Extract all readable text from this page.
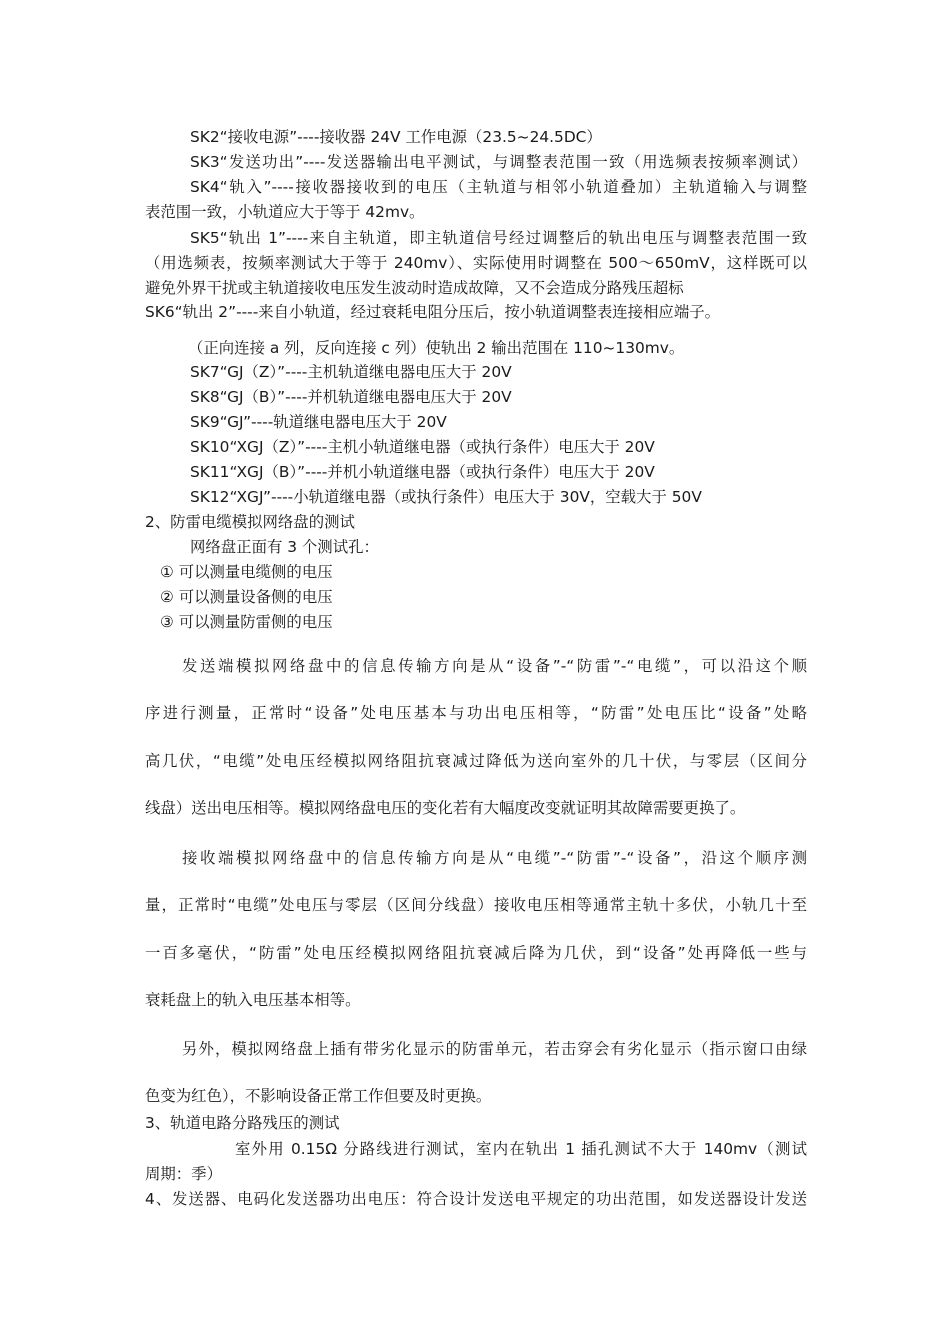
SK2“接收电源”----接收器 24V 工作电源（23.5~24.5DC）
SK3“发送功出”----发送器输出电平测试，与调整表范围一致（用选频表按频率测试）
SK4“轨入”----接收器接收到的电压（主轨道与相邻小轨道叠加）主轨道输入与调整
表范围一致，小轨道应大于等于 42mv。
SK5“轨出 1”----来自主轨道，即主轨道信号经过调整后的轨出电压与调整表范围一致
（用选频表，按频率测试大于等于 240mv）、实际使用时调整在 500～650mV，这样既可以
避免外界干扰或主轨道接收电压发生波动时造成故障，又不会造成分路残压超标
SK6“轨出 2”----来自小轨道，经过衰耗电阻分压后，按小轨道调整表连接相应端子。
（正向连接 a 列，反向连接 c 列）使轨出 2 输出范围在 110~130mv。
SK7“GJ（Z）”----主机轨道继电器电压大于 20V
SK8“GJ（B）”----并机轨道继电器电压大于 20V
SK9“GJ”----轨道继电器电压大于 20V
SK10“XGJ（Z）”----主机小轨道继电器（或执行条件）电压大于 20V
SK11“XGJ（B）”----并机小轨道继电器（或执行条件）电压大于 20V
SK12“XGJ”----小轨道继电器（或执行条件）电压大于 30V，空载大于 50V
2、防雷电缆模拟网络盘的测试
网络盘正面有 3 个测试孔：
① 可以测量电缆侧的电压
② 可以测量设备侧的电压
③ 可以测量防雷侧的电压
发送端模拟网络盘中的信息传输方向是从“设备”-“防雷”-“电缆”，可以沿这个顺
序进行测量，正常时“设备”处电压基本与功出电压相等，“防雷”处电压比“设备”处略
高几伏，“电缆”处电压经模拟网络阻抗衰减过降低为送向室外的几十伏，与零层（区间分
线盘）送出电压相等。模拟网络盘电压的变化若有大幅度改变就证明其故障需要更换了。
接收端模拟网络盘中的信息传输方向是从“电缆”-“防雷”-“设备”，沿这个顺序测
量，正常时“电缆”处电压与零层（区间分线盘）接收电压相等通常主轨十多伏，小轨几十至
一百多毫伏，“防雷”处电压经模拟网络阻抗衰减后降为几伏，到“设备”处再降低一些与
衰耗盘上的轨入电压基本相等。
另外，模拟网络盘上插有带劣化显示的防雷单元，若击穿会有劣化显示（指示窗口由绿
色变为红色），不影响设备正常工作但要及时更换。
3、轨道电路分路残压的测试
室外用 0.15Ω 分路线进行测试，室内在轨出 1 插孔测试不大于 140mv（测试
周期：季）
4、发送器、电码化发送器功出电压：符合设计发送电平规定的功出范围，如发送器设计发送
